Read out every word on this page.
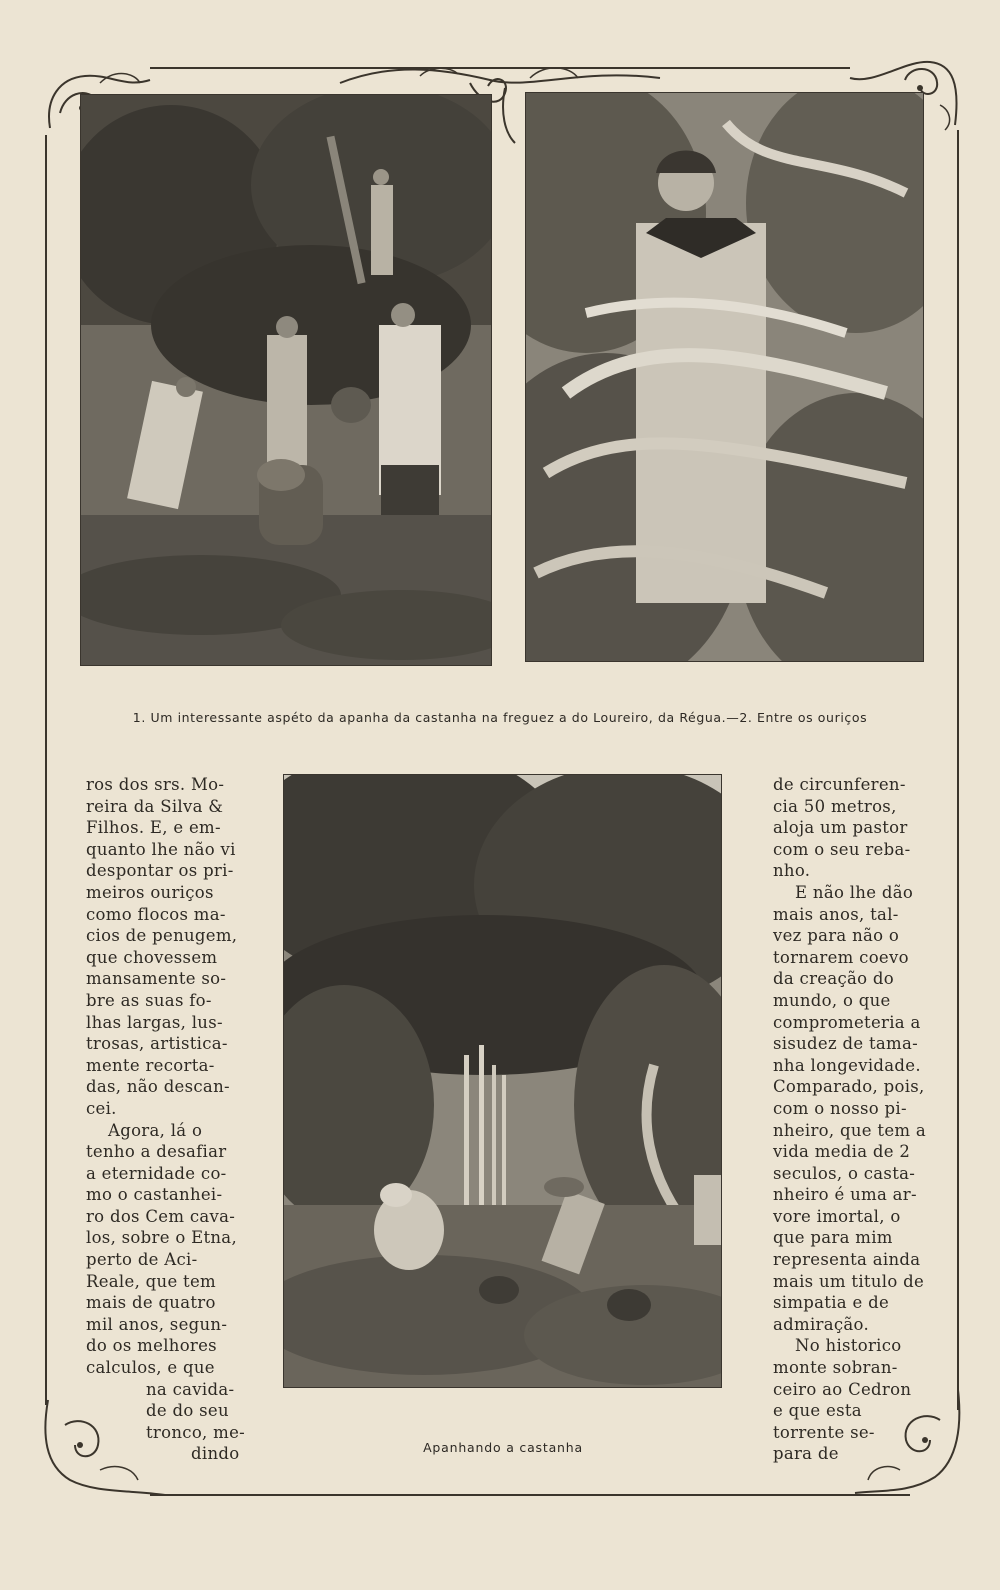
1. Um interessante aspéto da apanha da castanha na freguez a do Loureiro, da Régua.—2. Entre os ouriços
Apanhando a castanha
ros dos srs. Mo-
reira da Silva &
Filhos. E, e em-
quanto lhe não vi
despontar os pri-
meiros ouriços
como flocos ma-
cios de penugem,
que chovessem
mansamente so-
bre as suas fo-
lhas largas, lus-
trosas, artistica-
mente recorta-
das, não descan-
cei.
Agora, lá o
tenho a desafiar
a eternidade co-
mo o castanhei-
ro dos Cem cava-
los, sobre o Etna,
perto de Aci-
Reale, que tem
mais de quatro
mil anos, segun-
do os melhores
calculos, e que
na cavida-
de do seu
tronco, me-
dindo
de circunferen-
cia 50 metros,
aloja um pastor
com o seu reba-
nho.
E não lhe dão
mais anos, tal-
vez para não o
tornarem coevo
da creação do
mundo, o que
comprometeria a
sisudez de tama-
nha longevidade.
Comparado, pois,
com o nosso pi-
nheiro, que tem a
vida media de 2
seculos, o casta-
nheiro é uma ar-
vore imortal, o
que para mim
representa ainda
mais um titulo de
simpatia e de
admiração.
No historico
monte sobran-
ceiro ao Cedron
e que esta
torrente se-
para de
